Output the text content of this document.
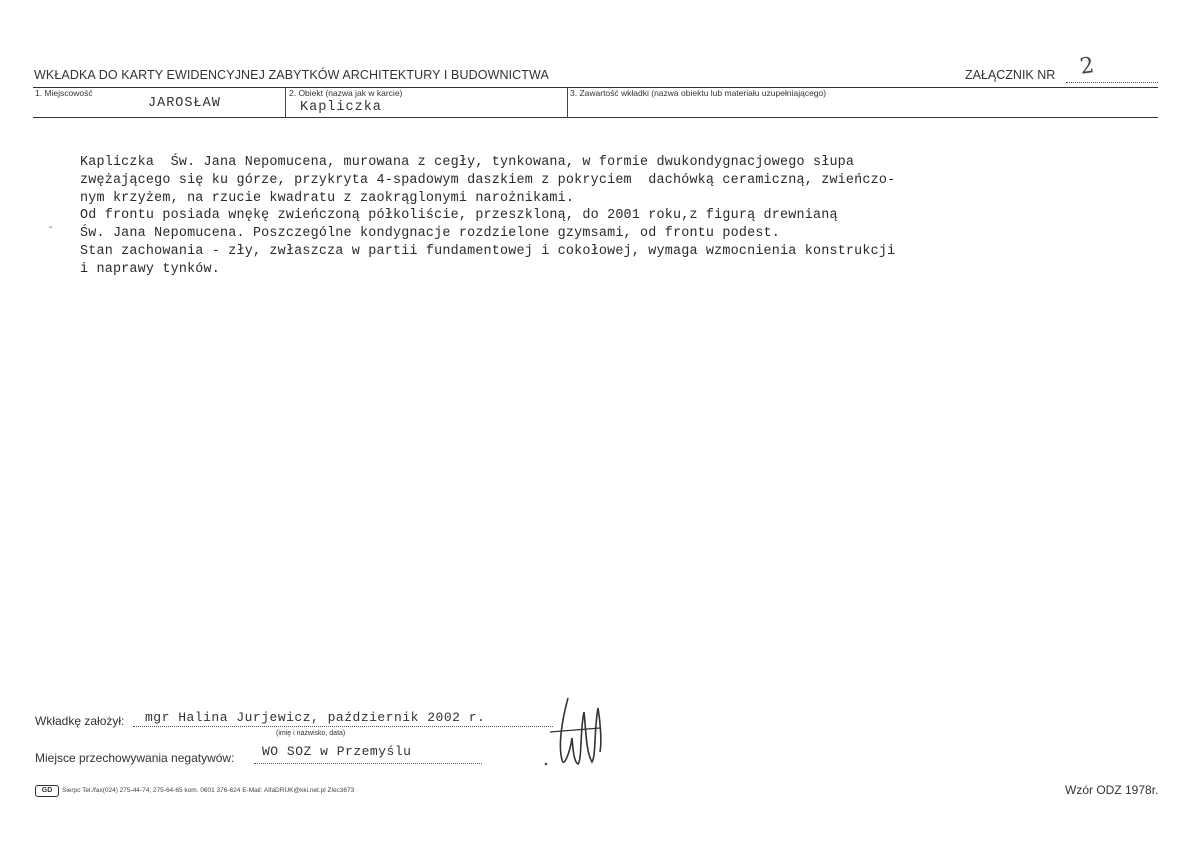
WKŁADKA DO KARTY EWIDENCYJNEJ ZABYTKÓW ARCHITEKTURY I BUDOWNICTWA	ZAŁĄCZNIK NR 2
1. Miejscowość
JAROSŁAW
2. Obiekt (nazwa jak w karcie)
Kapliczka
3. Zawartość wkładki (nazwa obiektu lub materiału uzupełniającego)
-
Kapliczka  Św. Jana Nepomucena, murowana z cegły, tynkowana, w formie dwukondygnacjowego słupa
zwężającego się ku górze, przykryta 4-spadowym daszkiem z pokryciem  dachówką ceramiczną, zwieńczo-
nym krzyżem, na rzucie kwadratu z zaokrąglonymi narożnikami.
Od frontu posiada wnękę zwieńczoną półkoliście, przeszkloną, do 2001 roku,z figurą drewnianą
Św. Jana Nepomucena. Poszczególne kondygnacje rozdzielone gzymsami, od frontu podest.
Stan zachowania - zły, zwłaszcza w partii fundamentowej i cokołowej, wymaga wzmocnienia konstrukcji
i naprawy tynków.
Wkładkę założył: mgr Halina Jurjewicz, październik 2002 r.
(imię i nazwisko, data)
Miejsce przechowywania negatywów: WO SOZ w Przemyślu
GD	Sierpc Tel./fax(024) 275-44-74; 275-64-65 kom. 0601 376-624 E-Mail: AlfaDRUK@kki.net.pl Zlec3673	Wzór ODZ 1978r.
